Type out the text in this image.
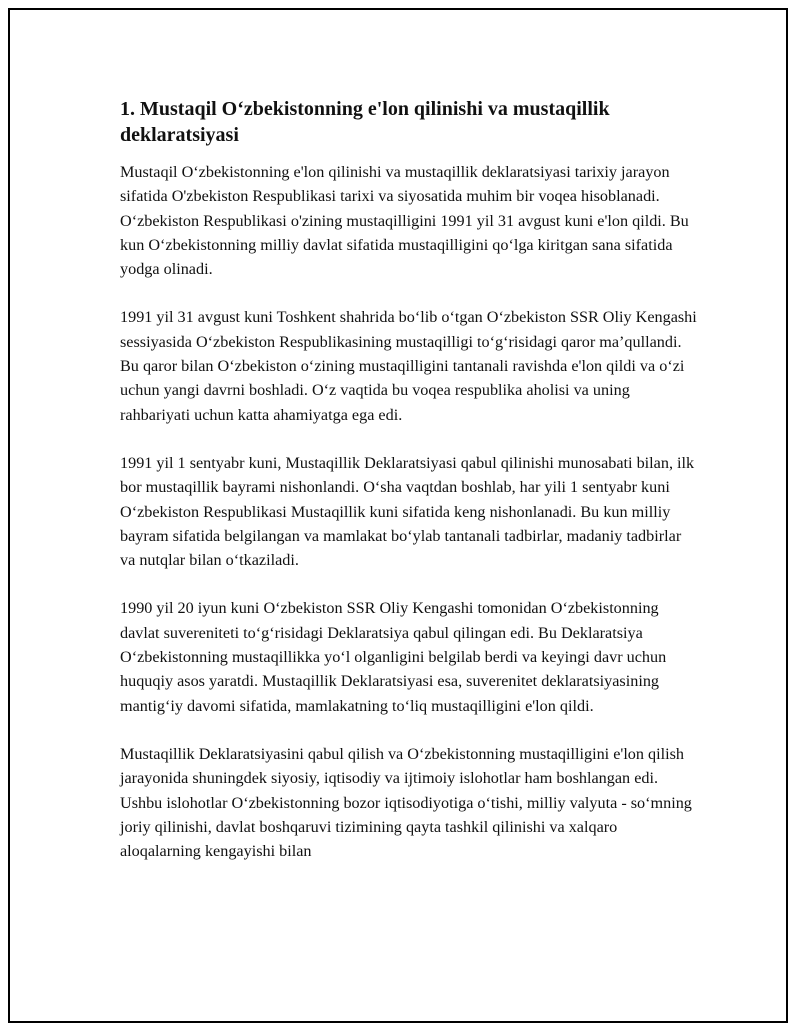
1. Mustaqil O‘zbekistonning e'lon qilinishi va mustaqillik deklaratsiyasi

Mustaqil O‘zbekistonning e'lon qilinishi va mustaqillik deklaratsiyasi tarixiy jarayon sifatida O'zbekiston Respublikasi tarixi va siyosatida muhim bir voqea hisoblanadi. O‘zbekiston Respublikasi o'zining mustaqilligini 1991 yil 31 avgust kuni e'lon qildi. Bu kun O‘zbekistonning milliy davlat sifatida mustaqilligini qo‘lga kiritgan sana sifatida yodga olinadi.

1991 yil 31 avgust kuni Toshkent shahrida bo‘lib o‘tgan O‘zbekiston SSR Oliy Kengashi sessiyasida O‘zbekiston Respublikasining mustaqilligi to‘g‘risidagi qaror ma’qullandi. Bu qaror bilan O‘zbekiston o‘zining mustaqilligini tantanali ravishda e'lon qildi va o‘zi uchun yangi davrni boshladi. O‘z vaqtida bu voqea respublika aholisi va uning rahbariyati uchun katta ahamiyatga ega edi.

1991 yil 1 sentyabr kuni, Mustaqillik Deklaratsiyasi qabul qilinishi munosabati bilan, ilk bor mustaqillik bayrami nishonlandi. O‘sha vaqtdan boshlab, har yili 1 sentyabr kuni O‘zbekiston Respublikasi Mustaqillik kuni sifatida keng nishonlanadi. Bu kun milliy bayram sifatida belgilangan va mamlakat bo‘ylab tantanali tadbirlar, madaniy tadbirlar va nutqlar bilan o‘tkaziladi.

1990 yil 20 iyun kuni O‘zbekiston SSR Oliy Kengashi tomonidan O‘zbekistonning davlat suvereniteti to‘g‘risidagi Deklaratsiya qabul qilingan edi. Bu Deklaratsiya O‘zbekistonning mustaqillikka yo‘l olganligini belgilab berdi va keyingi davr uchun huquqiy asos yaratdi. Mustaqillik Deklaratsiyasi esa, suverenitet deklaratsiyasining mantig‘iy davomi sifatida, mamlakatning to‘liq mustaqilligini e'lon qildi.

Mustaqillik Deklaratsiyasini qabul qilish va O‘zbekistonning mustaqilligini e'lon qilish jarayonida shuningdek siyosiy, iqtisodiy va ijtimoiy islohotlar ham boshlangan edi. Ushbu islohotlar O‘zbekistonning bozor iqtisodiyotiga o‘tishi, milliy valyuta - so‘mning joriy qilinishi, davlat boshqaruvi tizimining qayta tashkil qilinishi va xalqaro aloqalarning kengayishi bilan
